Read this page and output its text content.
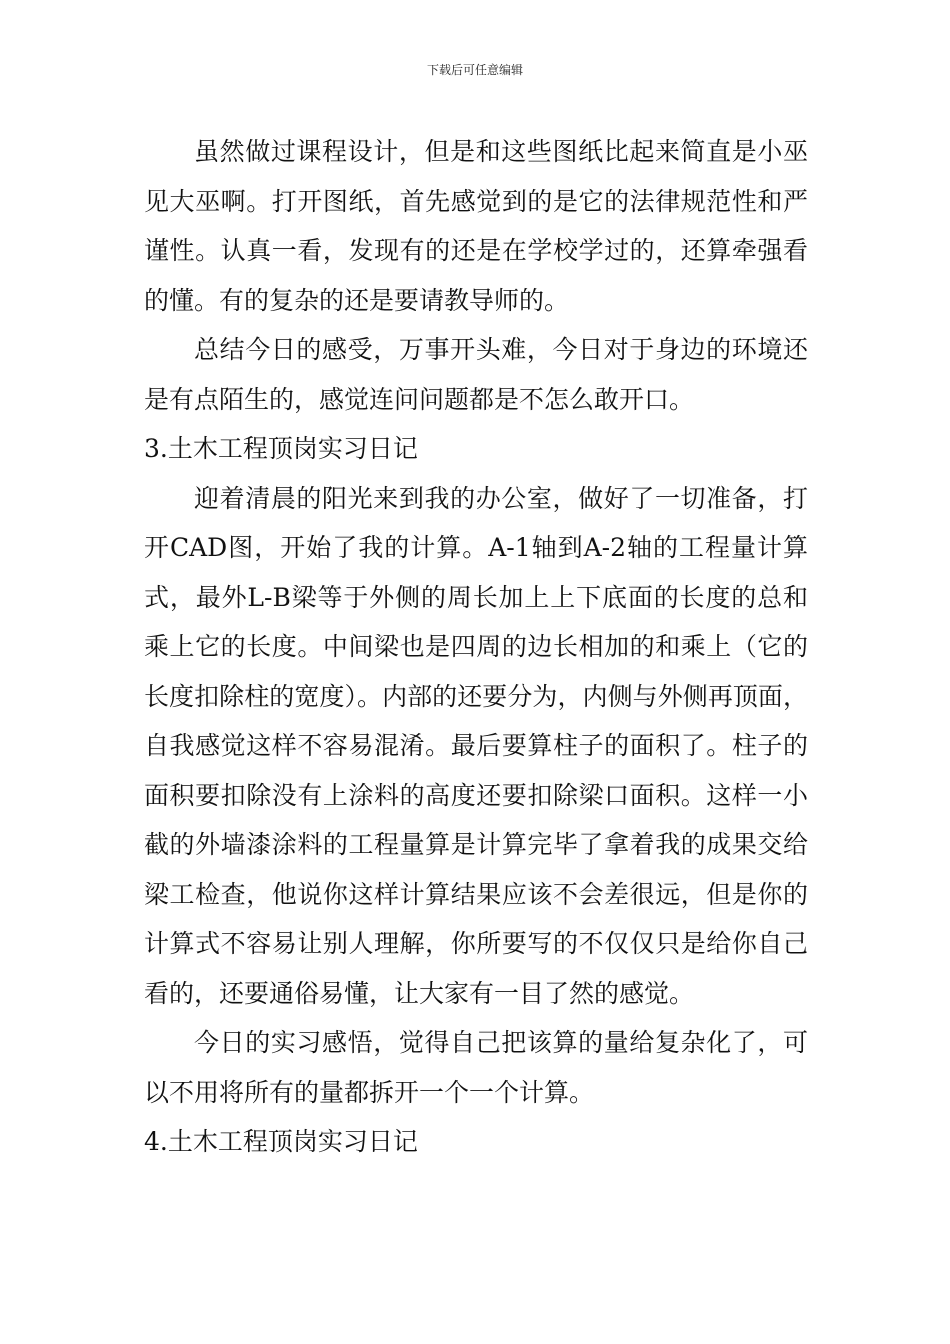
下载后可任意编辑

虽然做过课程设计，但是和这些图纸比起来简直是小巫见大巫啊。打开图纸，首先感觉到的是它的法律规范性和严谨性。认真一看，发现有的还是在学校学过的，还算牵强看的懂。有的复杂的还是要请教导师的。

总结今日的感受，万事开头难，今日对于身边的环境还是有点陌生的，感觉连问问题都是不怎么敢开口。

3.土木工程顶岗实习日记

迎着清晨的阳光来到我的办公室，做好了一切准备，打开CAD图，开始了我的计算。A-1轴到A-2轴的工程量计算式，最外L-B梁等于外侧的周长加上上下底面的长度的总和乘上它的长度。中间梁也是四周的边长相加的和乘上（它的长度扣除柱的宽度）。内部的还要分为，内侧与外侧再顶面，自我感觉这样不容易混淆。最后要算柱子的面积了。柱子的面积要扣除没有上涂料的高度还要扣除梁口面积。这样一小截的外墙漆涂料的工程量算是计算完毕了拿着我的成果交给梁工检查，他说你这样计算结果应该不会差很远，但是你的计算式不容易让别人理解，你所要写的不仅仅只是给你自己看的，还要通俗易懂，让大家有一目了然的感觉。

今日的实习感悟，觉得自己把该算的量给复杂化了，可以不用将所有的量都拆开一个一个计算。

4.土木工程顶岗实习日记
